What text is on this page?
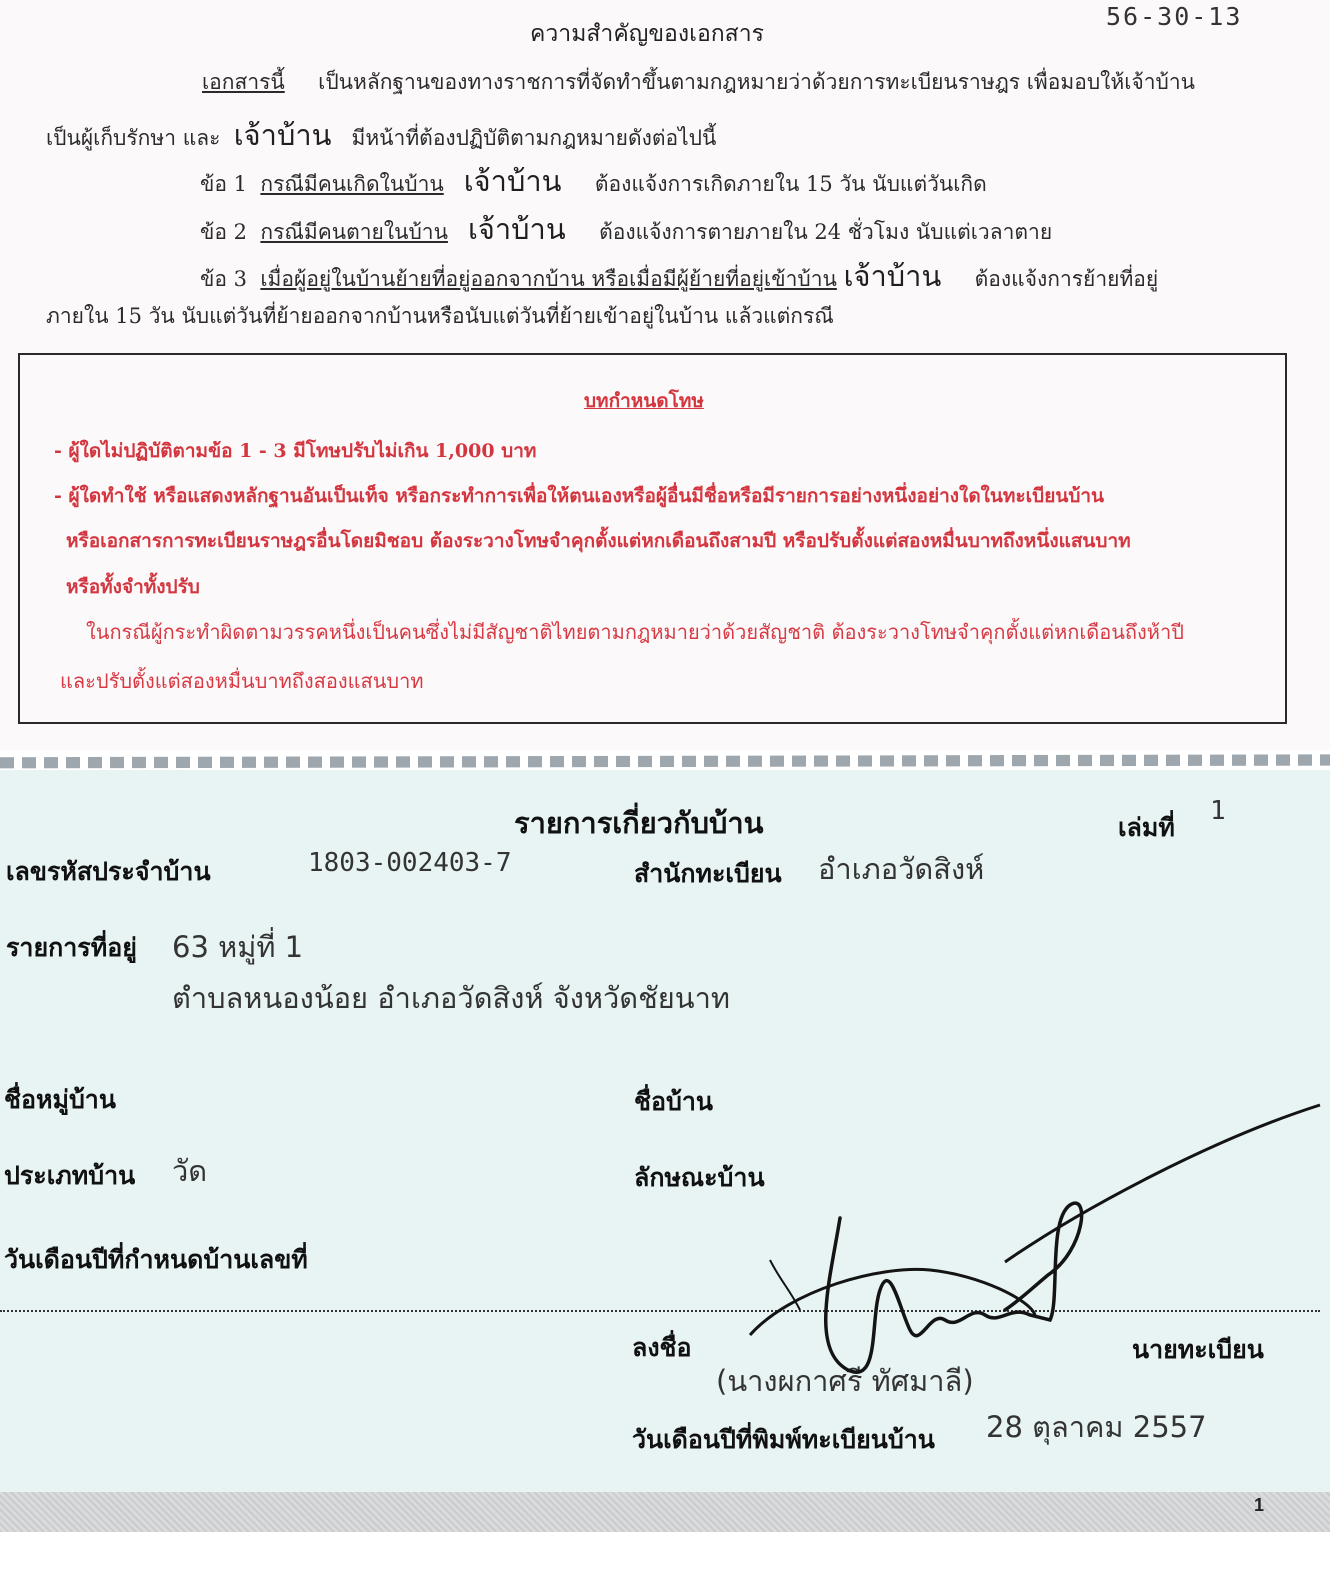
56-30-13
ความสำคัญของเอกสาร
เอกสารนี้ เป็นหลักฐานของทางราชการที่จัดทำขึ้นตามกฎหมายว่าด้วยการทะเบียนราษฎร เพื่อมอบให้เจ้าบ้าน
เป็นผู้เก็บรักษา และ เจ้าบ้าน มีหน้าที่ต้องปฏิบัติตามกฎหมายดังต่อไปนี้
ข้อ 1 กรณีมีคนเกิดในบ้าน เจ้าบ้าน ต้องแจ้งการเกิดภายใน 15 วัน นับแต่วันเกิด
ข้อ 2 กรณีมีคนตายในบ้าน เจ้าบ้าน ต้องแจ้งการตายภายใน 24 ชั่วโมง นับแต่เวลาตาย
ข้อ 3 เมื่อผู้อยู่ในบ้านย้ายที่อยู่ออกจากบ้าน หรือเมื่อมีผู้ย้ายที่อยู่เข้าบ้าน เจ้าบ้าน ต้องแจ้งการย้ายที่อยู่
ภายใน 15 วัน นับแต่วันที่ย้ายออกจากบ้านหรือนับแต่วันที่ย้ายเข้าอยู่ในบ้าน แล้วแต่กรณี
บทกำหนดโทษ
- ผู้ใดไม่ปฏิบัติตามข้อ 1 - 3 มีโทษปรับไม่เกิน 1,000 บาท
- ผู้ใดทำใช้ หรือแสดงหลักฐานอันเป็นเท็จ หรือกระทำการเพื่อให้ตนเองหรือผู้อื่นมีชื่อหรือมีรายการอย่างหนึ่งอย่างใดในทะเบียนบ้าน
หรือเอกสารการทะเบียนราษฎรอื่นโดยมิชอบ ต้องระวางโทษจำคุกตั้งแต่หกเดือนถึงสามปี หรือปรับตั้งแต่สองหมื่นบาทถึงหนึ่งแสนบาท
หรือทั้งจำทั้งปรับ
ในกรณีผู้กระทำผิดตามวรรคหนึ่งเป็นคนซึ่งไม่มีสัญชาติไทยตามกฎหมายว่าด้วยสัญชาติ ต้องระวางโทษจำคุกตั้งแต่หกเดือนถึงห้าปี
และปรับตั้งแต่สองหมื่นบาทถึงสองแสนบาท
รายการเกี่ยวกับบ้าน	เล่มที่
1
เลขรหัสประจำบ้าน	1803-002403-7	สำนักทะเบียน อำเภอวัดสิงห์
รายการที่อยู่ 63 หมู่ที่ 1
ตำบลหนองน้อย อำเภอวัดสิงห์ จังหวัดชัยนาท
ชื่อหมู่บ้าน	ชื่อบ้าน
ประเภทบ้าน วัด	ลักษณะบ้าน
วันเดือนปีที่กำหนดบ้านเลขที่
ลงชื่อ	นายทะเบียน
(นางผกาศรี ทัศมาลี)
วันเดือนปีที่พิมพ์ทะเบียนบ้าน 28 ตุลาคม 2557
1
